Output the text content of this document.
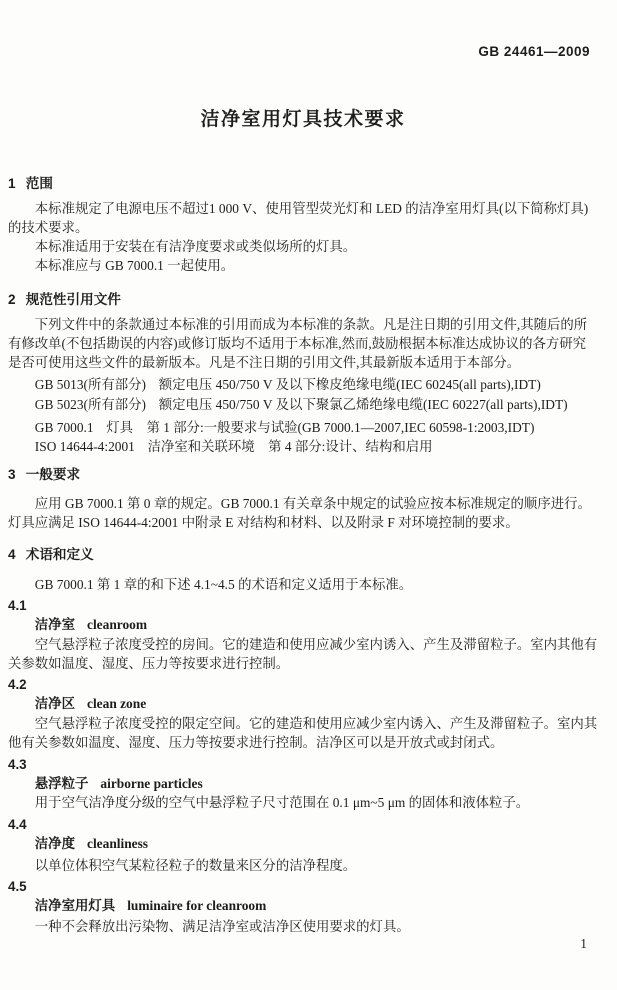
GB 24461—2009
洁净室用灯具技术要求
1 范围

本标准规定了电源电压不超过1 000 V、使用管型荧光灯和 LED 的洁净室用灯具(以下简称灯具)的技术要求。

本标准适用于安装在有洁净度要求或类似场所的灯具。

本标准应与 GB 7000.1 一起使用。

2 规范性引用文件

下列文件中的条款通过本标准的引用而成为本标准的条款。凡是注日期的引用文件,其随后的所有修改单(不包括勘误的内容)或修订版均不适用于本标准,然而,鼓励根据本标准达成协议的各方研究是否可使用这些文件的最新版本。凡是不注日期的引用文件,其最新版本适用于本部分。

GB 5013(所有部分) 额定电压 450/750 V 及以下橡皮绝缘电缆(IEC 60245(all parts),IDT)
GB 5023(所有部分) 额定电压 450/750 V 及以下聚氯乙烯绝缘电缆(IEC 60227(all parts),IDT)
GB 7000.1 灯具　第 1 部分:一般要求与试验(GB 7000.1—2007,IEC 60598-1:2003,IDT)
ISO 14644-4:2001 洁净室和关联环境　第 4 部分:设计、结构和启用
3 一般要求

应用 GB 7000.1 第 0 章的规定。GB 7000.1 有关章条中规定的试验应按本标准规定的顺序进行。灯具应满足 ISO 14644-4:2001 中附录 E 对结构和材料、以及附录 F 对环境控制的要求。

4 术语和定义

GB 7000.1 第 1 章的和下述 4.1~4.5 的术语和定义适用于本标准。

4.1
洁净室 cleanroom

空气悬浮粒子浓度受控的房间。它的建造和使用应减少室内诱入、产生及滞留粒子。室内其他有关参数如温度、湿度、压力等按要求进行控制。

4.2
洁净区 clean zone

空气悬浮粒子浓度受控的限定空间。它的建造和使用应减少室内诱入、产生及滞留粒子。室内其他有关参数如温度、湿度、压力等按要求进行控制。洁净区可以是开放式或封闭式。

4.3
悬浮粒子 airborne particles

用于空气洁净度分级的空气中悬浮粒子尺寸范围在 0.1 μm~5 μm 的固体和液体粒子。

4.4
洁净度 cleanliness

以单位体积空气某粒径粒子的数量来区分的洁净程度。

4.5
洁净室用灯具 luminaire for cleanroom

一种不会释放出污染物、满足洁净室或洁净区使用要求的灯具。

1
